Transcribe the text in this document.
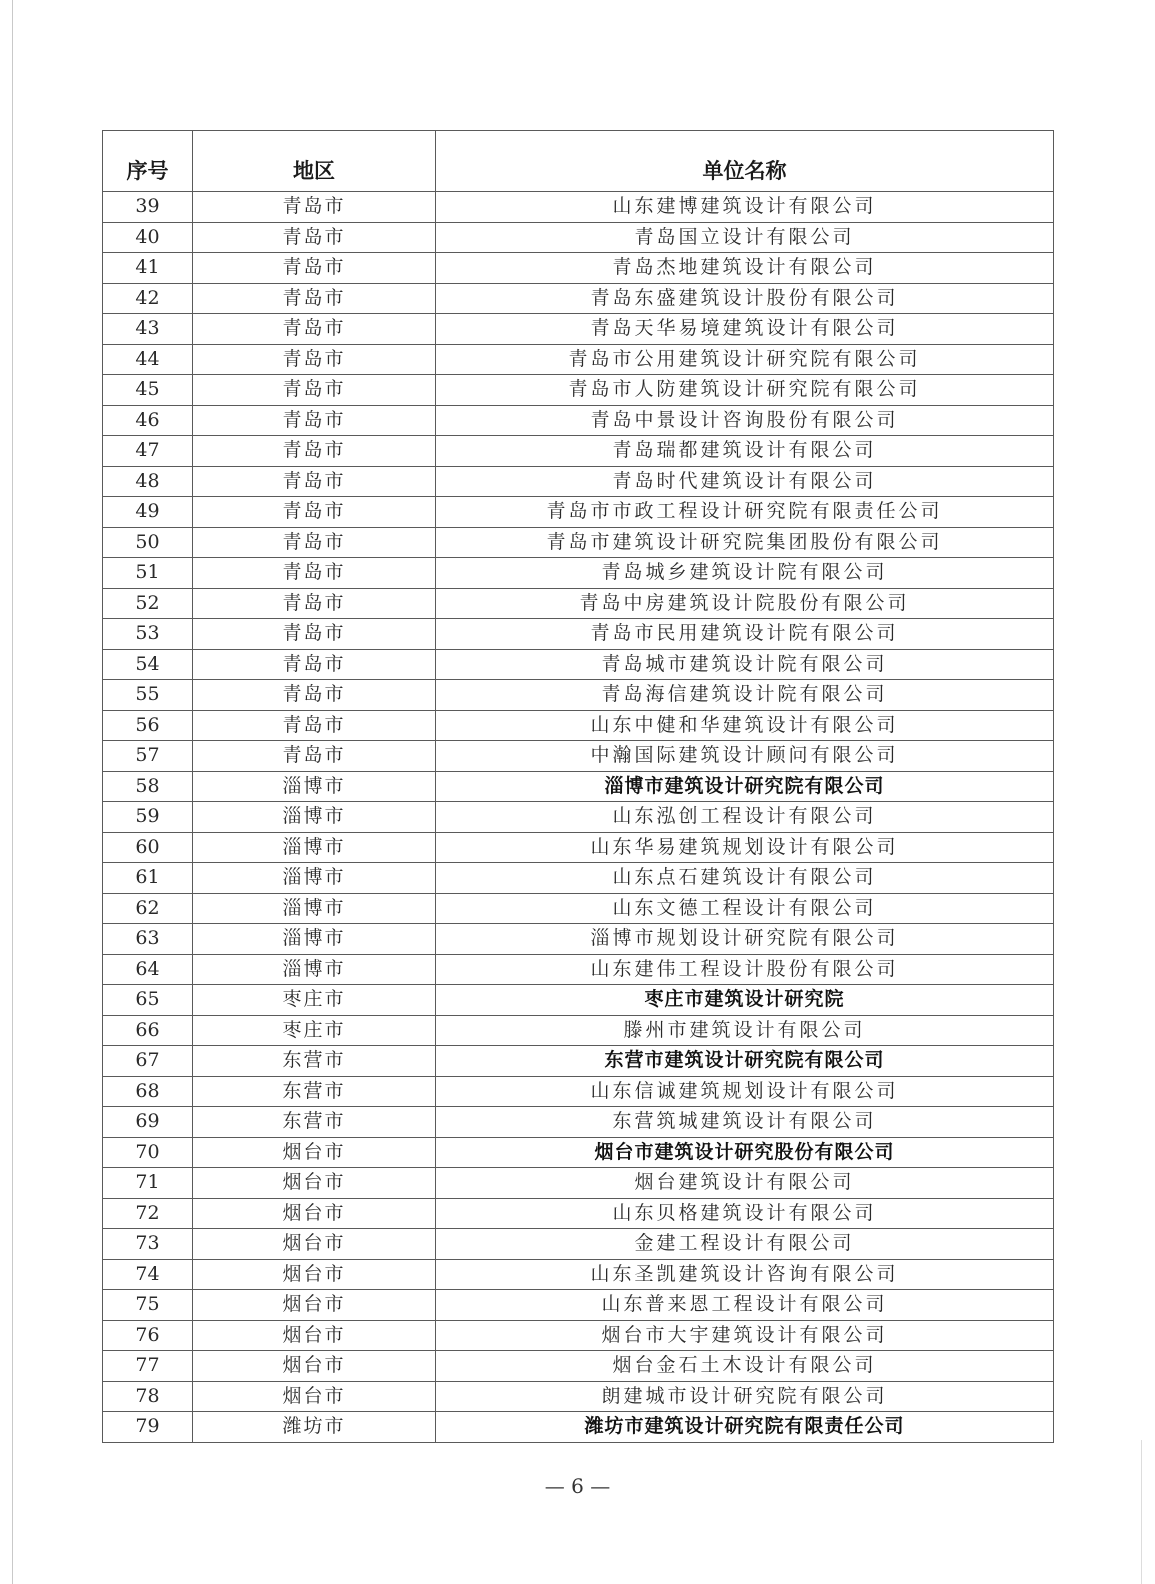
序号	地区	单位名称
39	青岛市	山东建博建筑设计有限公司
40	青岛市	青岛国立设计有限公司
41	青岛市	青岛杰地建筑设计有限公司
42	青岛市	青岛东盛建筑设计股份有限公司
43	青岛市	青岛天华易境建筑设计有限公司
44	青岛市	青岛市公用建筑设计研究院有限公司
45	青岛市	青岛市人防建筑设计研究院有限公司
46	青岛市	青岛中景设计咨询股份有限公司
47	青岛市	青岛瑞都建筑设计有限公司
48	青岛市	青岛时代建筑设计有限公司
49	青岛市	青岛市市政工程设计研究院有限责任公司
50	青岛市	青岛市建筑设计研究院集团股份有限公司
51	青岛市	青岛城乡建筑设计院有限公司
52	青岛市	青岛中房建筑设计院股份有限公司
53	青岛市	青岛市民用建筑设计院有限公司
54	青岛市	青岛城市建筑设计院有限公司
55	青岛市	青岛海信建筑设计院有限公司
56	青岛市	山东中健和华建筑设计有限公司
57	青岛市	中瀚国际建筑设计顾问有限公司
58	淄博市	淄博市建筑设计研究院有限公司
59	淄博市	山东泓创工程设计有限公司
60	淄博市	山东华易建筑规划设计有限公司
61	淄博市	山东点石建筑设计有限公司
62	淄博市	山东文德工程设计有限公司
63	淄博市	淄博市规划设计研究院有限公司
64	淄博市	山东建伟工程设计股份有限公司
65	枣庄市	枣庄市建筑设计研究院
66	枣庄市	滕州市建筑设计有限公司
67	东营市	东营市建筑设计研究院有限公司
68	东营市	山东信诚建筑规划设计有限公司
69	东营市	东营筑城建筑设计有限公司
70	烟台市	烟台市建筑设计研究股份有限公司
71	烟台市	烟台建筑设计有限公司
72	烟台市	山东贝格建筑设计有限公司
73	烟台市	金建工程设计有限公司
74	烟台市	山东圣凯建筑设计咨询有限公司
75	烟台市	山东普来恩工程设计有限公司
76	烟台市	烟台市大宇建筑设计有限公司
77	烟台市	烟台金石土木设计有限公司
78	烟台市	朗建城市设计研究院有限公司
79	潍坊市	潍坊市建筑设计研究院有限责任公司
— 6 —
